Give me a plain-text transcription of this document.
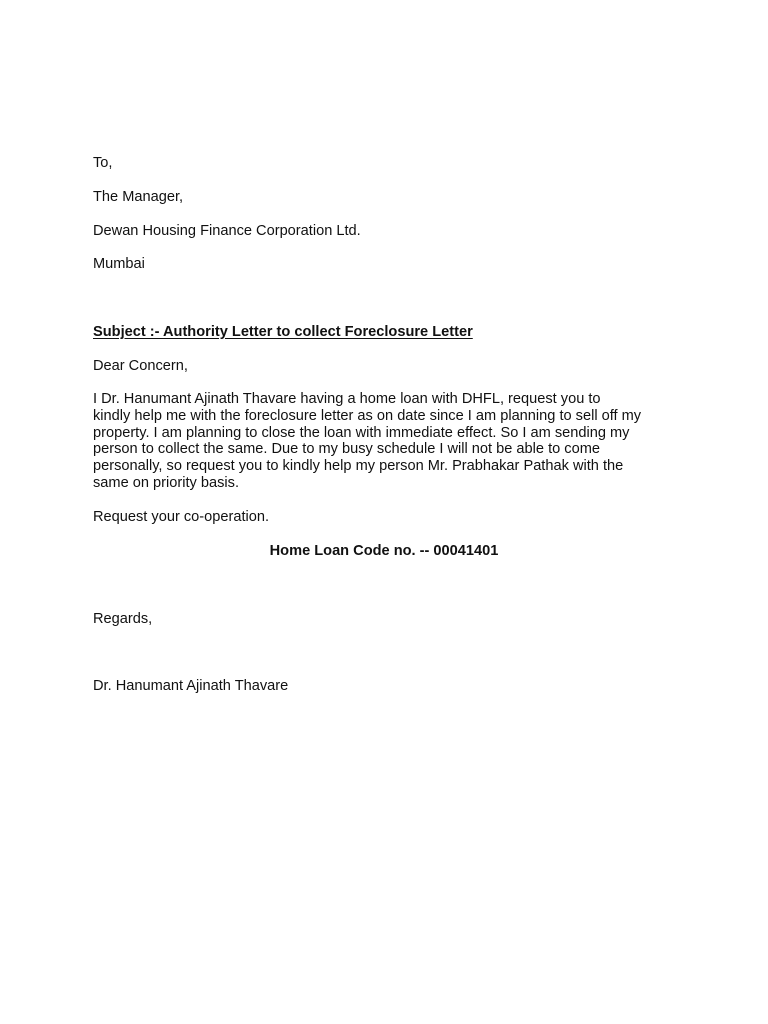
To,
The Manager,
Dewan Housing Finance Corporation Ltd.
Mumbai
Subject :- Authority Letter to collect Foreclosure Letter
Dear Concern,
I Dr. Hanumant Ajinath Thavare having a home loan with DHFL, request you to
kindly help me with the foreclosure letter as on date since I am planning to sell off my
property. I am planning to close the loan with immediate effect. So I am sending my
person to collect the same. Due to my busy schedule I will not be able to come
personally, so request you to kindly help my person Mr. Prabhakar Pathak with the
same on priority basis.
Request your co-operation.
Home Loan Code no. -- 00041401
Regards,
Dr. Hanumant Ajinath Thavare
